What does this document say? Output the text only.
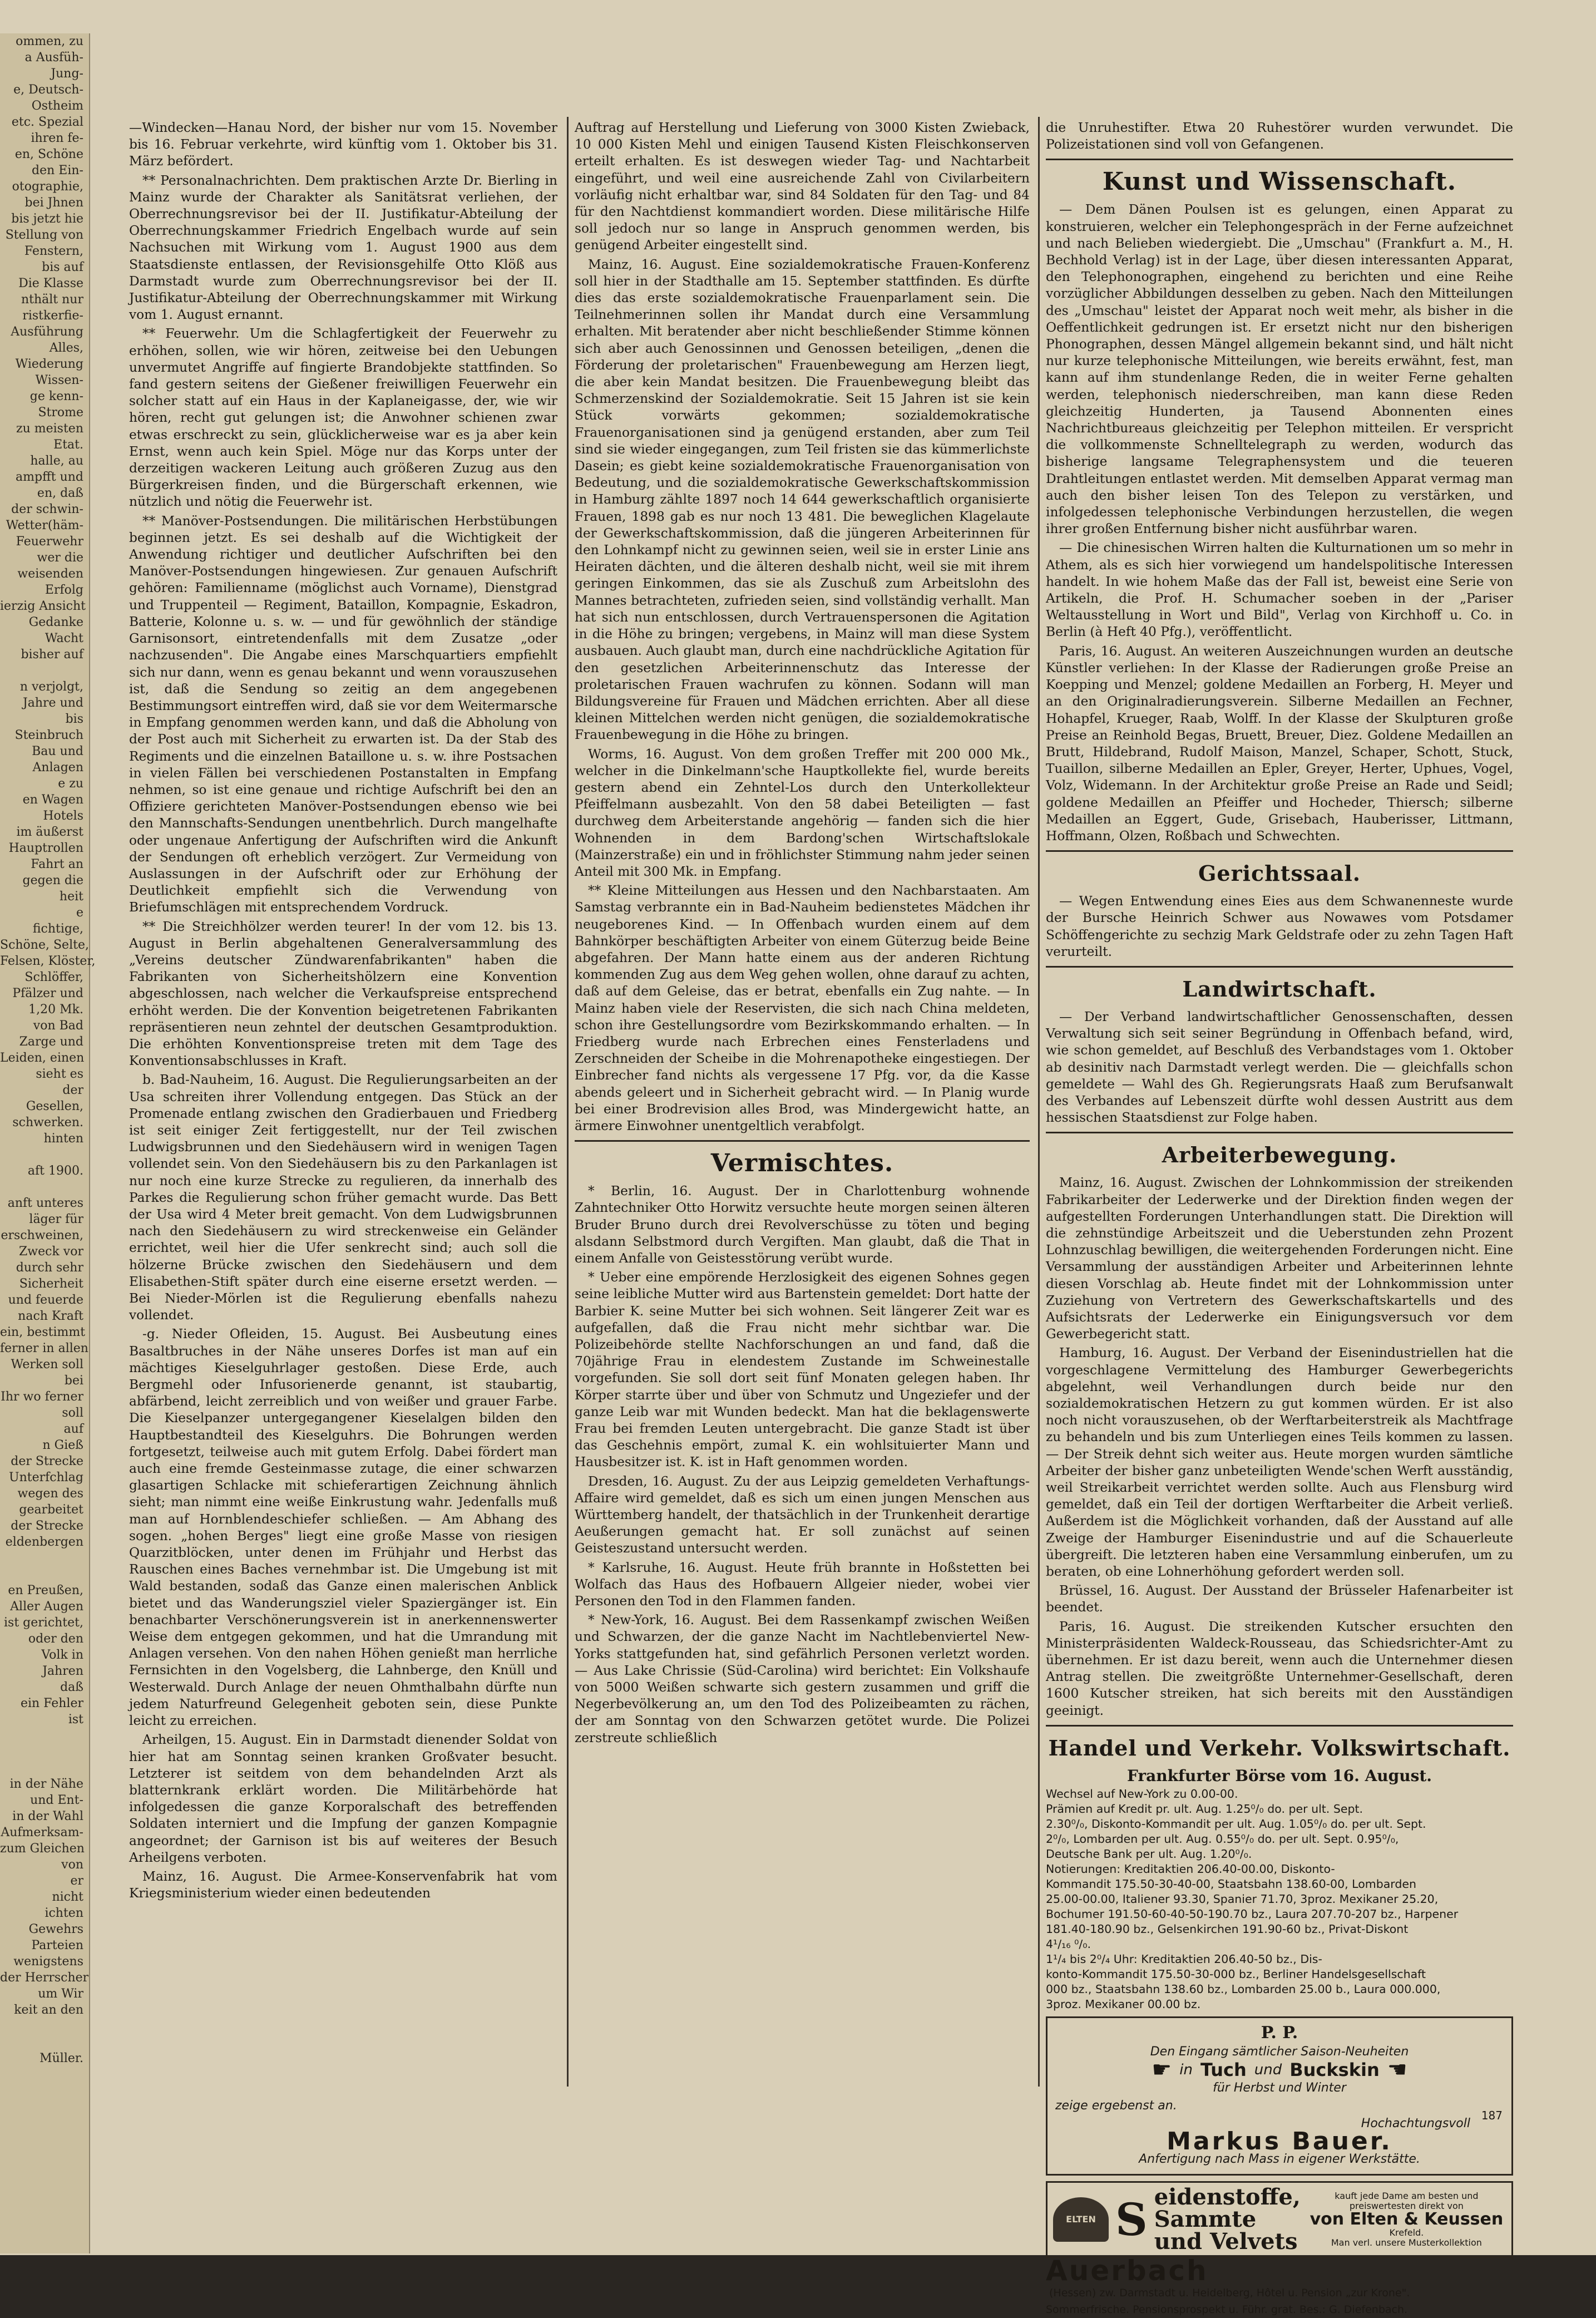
ommen, zu

a Ausfüh-

Jung-

e, Deutsch-

Ostheim

etc. Spezial

ihren fe-

en, Schöne

den Ein-

otographie,

bei Jhnen

bis jetzt hie

Stellung von

Fenstern,

bis auf

Die Klasse

nthält nur

ristkerfie-

Ausführung

Alles,

Wiederung

Wissen-

ge kenn-

Strome

zu meisten

Etat.

halle, au

ampfft und

en, daß

der schwin-

Wetter(häm-

Feuerwehr

wer die

weisenden

Erfolg

ierzig Ansicht

Gedanke

Wacht

bisher auf

n verjolgt,

Jahre und

bis

Steinbruch

Bau und

Anlagen

e zu

en Wagen

Hotels

im äußerst

Hauptrollen

Fahrt an

gegen die

heit

e

fichtige,

Schöne, Selte,

Felsen, Klöster,

Schlöffer,

Pfälzer und

1,20 Mk.

von Bad

Zarge und

Leiden, einen

sieht es

der

Gesellen,

schwerken.

hinten

aft 1900.

anft unteres

läger für

erschweinen,

Zweck vor

durch sehr

Sicherheit

und feuerde

nach Kraft

ein, bestimmt

ferner in allen

Werken soll

bei

Ihr wo ferner

soll

auf

n Gieß

der Strecke

Unterfchlag

wegen des

gearbeitet

der Strecke

eldenbergen

en Preußen,

Aller Augen

ist gerichtet,

oder den

Volk in

Jahren

daß

ein Fehler

ist

in der Nähe

und Ent-

in der Wahl

Aufmerksam-

zum Gleichen

von

er

nicht

ichten

Gewehrs

Parteien

wenigstens

der Herrscher

um Wir

keit an den

Müller.

—Windecken—Hanau Nord, der bisher nur vom 15. November bis 16. Februar verkehrte, wird künftig vom 1. Oktober bis 31. März befördert.

** Personalnachrichten. Dem praktischen Arzte Dr. Bierling in Mainz wurde der Charakter als Sanitätsrat verliehen, der Oberrechnungsrevisor bei der II. Justifikatur-Abteilung der Oberrechnungskammer Friedrich Engelbach wurde auf sein Nachsuchen mit Wirkung vom 1. August 1900 aus dem Staatsdienste entlassen, der Revisionsgehilfe Otto Klöß aus Darmstadt wurde zum Oberrechnungsrevisor bei der II. Justifikatur-Abteilung der Oberrechnungskammer mit Wirkung vom 1. August ernannt.

** Feuerwehr. Um die Schlagfertigkeit der Feuerwehr zu erhöhen, sollen, wie wir hören, zeitweise bei den Uebungen unvermutet Angriffe auf fingierte Brandobjekte stattfinden. So fand gestern seitens der Gießener freiwilligen Feuerwehr ein solcher statt auf ein Haus in der Kaplaneigasse, der, wie wir hören, recht gut gelungen ist; die Anwohner schienen zwar etwas erschreckt zu sein, glücklicherweise war es ja aber kein Ernst, wenn auch kein Spiel. Möge nur das Korps unter der derzeitigen wackeren Leitung auch größeren Zuzug aus den Bürgerkreisen finden, und die Bürgerschaft erkennen, wie nützlich und nötig die Feuerwehr ist.

** Manöver-Postsendungen. Die militärischen Herbstübungen beginnen jetzt. Es sei deshalb auf die Wichtigkeit der Anwendung richtiger und deutlicher Aufschriften bei den Manöver-Postsendungen hingewiesen. Zur genauen Aufschrift gehören: Familienname (möglichst auch Vorname), Dienstgrad und Truppenteil — Regiment, Bataillon, Kompagnie, Eskadron, Batterie, Kolonne u. s. w. — und für gewöhnlich der ständige Garnisonsort, eintretendenfalls mit dem Zusatze „oder nachzusenden". Die Angabe eines Marschquartiers empfiehlt sich nur dann, wenn es genau bekannt und wenn vorauszusehen ist, daß die Sendung so zeitig an dem angegebenen Bestimmungsort eintreffen wird, daß sie vor dem Weitermarsche in Empfang genommen werden kann, und daß die Abholung von der Post auch mit Sicherheit zu erwarten ist. Da der Stab des Regiments und die einzelnen Bataillone u. s. w. ihre Postsachen in vielen Fällen bei verschiedenen Postanstalten in Empfang nehmen, so ist eine genaue und richtige Aufschrift bei den an Offiziere gerichteten Manöver-Postsendungen ebenso wie bei den Mannschafts-Sendungen unentbehrlich. Durch mangelhafte oder ungenaue Anfertigung der Aufschriften wird die Ankunft der Sendungen oft erheblich verzögert. Zur Vermeidung von Auslassungen in der Aufschrift oder zur Erhöhung der Deutlichkeit empfiehlt sich die Verwendung von Briefumschlägen mit entsprechendem Vordruck.

** Die Streichhölzer werden teurer! In der vom 12. bis 13. August in Berlin abgehaltenen Generalversammlung des „Vereins deutscher Zündwarenfabrikanten" haben die Fabrikanten von Sicherheitshölzern eine Konvention abgeschlossen, nach welcher die Verkaufspreise entsprechend erhöht werden. Die der Konvention beigetretenen Fabrikanten repräsentieren neun zehntel der deutschen Gesamtproduktion. Die erhöhten Konventionspreise treten mit dem Tage des Konventionsabschlusses in Kraft.

b. Bad-Nauheim, 16. August. Die Regulierungsarbeiten an der Usa schreiten ihrer Vollendung entgegen. Das Stück an der Promenade entlang zwischen den Gradierbauen und Friedberg ist seit einiger Zeit fertiggestellt, nur der Teil zwischen Ludwigsbrunnen und den Siedehäusern wird in wenigen Tagen vollendet sein. Von den Siedehäusern bis zu den Parkanlagen ist nur noch eine kurze Strecke zu regulieren, da innerhalb des Parkes die Regulierung schon früher gemacht wurde. Das Bett der Usa wird 4 Meter breit gemacht. Von dem Ludwigsbrunnen nach den Siedehäusern zu wird streckenweise ein Geländer errichtet, weil hier die Ufer senkrecht sind; auch soll die hölzerne Brücke zwischen den Siedehäusern und dem Elisabethen-Stift später durch eine eiserne ersetzt werden. — Bei Nieder-Mörlen ist die Regulierung ebenfalls nahezu vollendet.

-g. Nieder Ofleiden, 15. August. Bei Ausbeutung eines Basaltbruches in der Nähe unseres Dorfes ist man auf ein mächtiges Kieselguhrlager gestoßen. Diese Erde, auch Bergmehl oder Infusorienerde genannt, ist staubartig, abfärbend, leicht zerreiblich und von weißer und grauer Farbe. Die Kieselpanzer untergegangener Kieselalgen bilden den Hauptbestandteil des Kieselguhrs. Die Bohrungen werden fortgesetzt, teilweise auch mit gutem Erfolg. Dabei fördert man auch eine fremde Gesteinmasse zutage, die einer schwarzen glasartigen Schlacke mit schieferartigen Zeichnung ähnlich sieht; man nimmt eine weiße Einkrustung wahr. Jedenfalls muß man auf Hornblendeschiefer schließen. — Am Abhang des sogen. „hohen Berges" liegt eine große Masse von riesigen Quarzitblöcken, unter denen im Frühjahr und Herbst das Rauschen eines Baches vernehmbar ist. Die Umgebung ist mit Wald bestanden, sodaß das Ganze einen malerischen Anblick bietet und das Wanderungsziel vieler Spaziergänger ist. Ein benachbarter Verschönerungsverein ist in anerkennenswerter Weise dem entgegen gekommen, und hat die Umrandung mit Anlagen versehen. Von den nahen Höhen genießt man herrliche Fernsichten in den Vogelsberg, die Lahnberge, den Knüll und Westerwald. Durch Anlage der neuen Ohmthalbahn dürfte nun jedem Naturfreund Gelegenheit geboten sein, diese Punkte leicht zu erreichen.

Arheilgen, 15. August. Ein in Darmstadt dienender Soldat von hier hat am Sonntag seinen kranken Großvater besucht. Letzterer ist seitdem von dem behandelnden Arzt als blatternkrank erklärt worden. Die Militärbehörde hat infolgedessen die ganze Korporalschaft des betreffenden Soldaten interniert und die Impfung der ganzen Kompagnie angeordnet; der Garnison ist bis auf weiteres der Besuch Arheilgens verboten.

Mainz, 16. August. Die Armee-Konservenfabrik hat vom Kriegsministerium wieder einen bedeutenden

Auftrag auf Herstellung und Lieferung von 3000 Kisten Zwieback, 10 000 Kisten Mehl und einigen Tausend Kisten Fleischkonserven erteilt erhalten. Es ist deswegen wieder Tag- und Nachtarbeit eingeführt, und weil eine ausreichende Zahl von Civilarbeitern vorläufig nicht erhaltbar war, sind 84 Soldaten für den Tag- und 84 für den Nachtdienst kommandiert worden. Diese militärische Hilfe soll jedoch nur so lange in Anspruch genommen werden, bis genügend Arbeiter eingestellt sind.

Mainz, 16. August. Eine sozialdemokratische Frauen-Konferenz soll hier in der Stadthalle am 15. September stattfinden. Es dürfte dies das erste sozialdemokratische Frauenparlament sein. Die Teilnehmerinnen sollen ihr Mandat durch eine Versammlung erhalten. Mit beratender aber nicht beschließender Stimme können sich aber auch Genossinnen und Genossen beteiligen, „denen die Förderung der proletarischen" Frauenbewegung am Herzen liegt, die aber kein Mandat besitzen. Die Frauenbewegung bleibt das Schmerzenskind der Sozialdemokratie. Seit 15 Jahren ist sie kein Stück vorwärts gekommen; sozialdemokratische Frauenorganisationen sind ja genügend erstanden, aber zum Teil sind sie wieder eingegangen, zum Teil fristen sie das kümmerlichste Dasein; es giebt keine sozialdemokratische Frauenorganisation von Bedeutung, und die sozialdemokratische Gewerkschaftskommission in Hamburg zählte 1897 noch 14 644 gewerkschaftlich organisierte Frauen, 1898 gab es nur noch 13 481. Die beweglichen Klagelaute der Gewerkschaftskommission, daß die jüngeren Arbeiterinnen für den Lohnkampf nicht zu gewinnen seien, weil sie in erster Linie ans Heiraten dächten, und die älteren deshalb nicht, weil sie mit ihrem geringen Einkommen, das sie als Zuschuß zum Arbeitslohn des Mannes betrachteten, zufrieden seien, sind vollständig verhallt. Man hat sich nun entschlossen, durch Vertrauenspersonen die Agitation in die Höhe zu bringen; vergebens, in Mainz will man diese System ausbauen. Auch glaubt man, durch eine nachdrückliche Agitation für den gesetzlichen Arbeiterinnenschutz das Interesse der proletarischen Frauen wachrufen zu können. Sodann will man Bildungsvereine für Frauen und Mädchen errichten. Aber all diese kleinen Mittelchen werden nicht genügen, die sozialdemokratische Frauenbewegung in die Höhe zu bringen.

Worms, 16. August. Von dem großen Treffer mit 200 000 Mk., welcher in die Dinkelmann'sche Hauptkollekte fiel, wurde bereits gestern abend ein Zehntel-Los durch den Unterkollekteur Pfeiffelmann ausbezahlt. Von den 58 dabei Beteiligten — fast durchweg dem Arbeiterstande angehörig — fanden sich die hier Wohnenden in dem Bardong'schen Wirtschaftslokale (Mainzerstraße) ein und in fröhlichster Stimmung nahm jeder seinen Anteil mit 300 Mk. in Empfang.

** Kleine Mitteilungen aus Hessen und den Nachbarstaaten. Am Samstag verbrannte ein in Bad-Nauheim bedienstetes Mädchen ihr neugeborenes Kind. — In Offenbach wurden einem auf dem Bahnkörper beschäftigten Arbeiter von einem Güterzug beide Beine abgefahren. Der Mann hatte einem aus der anderen Richtung kommenden Zug aus dem Weg gehen wollen, ohne darauf zu achten, daß auf dem Geleise, das er betrat, ebenfalls ein Zug nahte. — In Mainz haben viele der Reservisten, die sich nach China meldeten, schon ihre Gestellungsordre vom Bezirkskommando erhalten. — In Friedberg wurde nach Erbrechen eines Fensterladens und Zerschneiden der Scheibe in die Mohrenapotheke eingestiegen. Der Einbrecher fand nichts als vergessene 17 Pfg. vor, da die Kasse abends geleert und in Sicherheit gebracht wird. — In Planig wurde bei einer Brodrevision alles Brod, was Mindergewicht hatte, an ärmere Einwohner unentgeltlich verabfolgt.

Vermischtes.

* Berlin, 16. August. Der in Charlottenburg wohnende Zahntechniker Otto Horwitz versuchte heute morgen seinen älteren Bruder Bruno durch drei Revolverschüsse zu töten und beging alsdann Selbstmord durch Vergiften. Man glaubt, daß die That in einem Anfalle von Geistesstörung verübt wurde.

* Ueber eine empörende Herzlosigkeit des eigenen Sohnes gegen seine leibliche Mutter wird aus Bartenstein gemeldet: Dort hatte der Barbier K. seine Mutter bei sich wohnen. Seit längerer Zeit war es aufgefallen, daß die Frau nicht mehr sichtbar war. Die Polizeibehörde stellte Nachforschungen an und fand, daß die 70jährige Frau in elendestem Zustande im Schweinestalle vorgefunden. Sie soll dort seit fünf Monaten gelegen haben. Ihr Körper starrte über und über von Schmutz und Ungeziefer und der ganze Leib war mit Wunden bedeckt. Man hat die beklagenswerte Frau bei fremden Leuten untergebracht. Die ganze Stadt ist über das Geschehnis empört, zumal K. ein wohlsituierter Mann und Hausbesitzer ist. K. ist in Haft genommen worden.

Dresden, 16. August. Zu der aus Leipzig gemeldeten Verhaftungs-Affaire wird gemeldet, daß es sich um einen jungen Menschen aus Württemberg handelt, der thatsächlich in der Trunkenheit derartige Aeußerungen gemacht hat. Er soll zunächst auf seinen Geisteszustand untersucht werden.

* Karlsruhe, 16. August. Heute früh brannte in Hoßstetten bei Wolfach das Haus des Hofbauern Allgeier nieder, wobei vier Personen den Tod in den Flammen fanden.

* New-York, 16. August. Bei dem Rassenkampf zwischen Weißen und Schwarzen, der die ganze Nacht im Nachtlebenviertel New-Yorks stattgefunden hat, sind gefährlich Personen verletzt worden. — Aus Lake Chrissie (Süd-Carolina) wird berichtet: Ein Volkshaufe von 5000 Weißen schwarte sich gestern zusammen und griff die Negerbevölkerung an, um den Tod des Polizeibeamten zu rächen, der am Sonntag von den Schwarzen getötet wurde. Die Polizei zerstreute schließlich

die Unruhestifter. Etwa 20 Ruhestörer wurden verwundet. Die Polizeistationen sind voll von Gefangenen.

Kunst und Wissenschaft.

— Dem Dänen Poulsen ist es gelungen, einen Apparat zu konstruieren, welcher ein Telephongespräch in der Ferne aufzeichnet und nach Belieben wiedergiebt. Die „Umschau" (Frankfurt a. M., H. Bechhold Verlag) ist in der Lage, über diesen interessanten Apparat, den Telephonographen, eingehend zu berichten und eine Reihe vorzüglicher Abbildungen desselben zu geben. Nach den Mitteilungen des „Umschau" leistet der Apparat noch weit mehr, als bisher in die Oeffentlichkeit gedrungen ist. Er ersetzt nicht nur den bisherigen Phonographen, dessen Mängel allgemein bekannt sind, und hält nicht nur kurze telephonische Mitteilungen, wie bereits erwähnt, fest, man kann auf ihm stundenlange Reden, die in weiter Ferne gehalten werden, telephonisch niederschreiben, man kann diese Reden gleichzeitig Hunderten, ja Tausend Abonnenten eines Nachrichtbureaus gleichzeitig per Telephon mitteilen. Er verspricht die vollkommenste Schnelltelegraph zu werden, wodurch das bisherige langsame Telegraphensystem und die teueren Drahtleitungen entlastet werden. Mit demselben Apparat vermag man auch den bisher leisen Ton des Telepon zu verstärken, und infolgedessen telephonische Verbindungen herzustellen, die wegen ihrer großen Entfernung bisher nicht ausführbar waren.

— Die chinesischen Wirren halten die Kulturnationen um so mehr in Athem, als es sich hier vorwiegend um handelspolitische Interessen handelt. In wie hohem Maße das der Fall ist, beweist eine Serie von Artikeln, die Prof. H. Schumacher soeben in der „Pariser Weltausstellung in Wort und Bild", Verlag von Kirchhoff u. Co. in Berlin (à Heft 40 Pfg.), veröffentlicht.

Paris, 16. August. An weiteren Auszeichnungen wurden an deutsche Künstler verliehen: In der Klasse der Radierungen große Preise an Koepping und Menzel; goldene Medaillen an Forberg, H. Meyer und an den Originalradierungsverein. Silberne Medaillen an Fechner, Hohapfel, Krueger, Raab, Wolff. In der Klasse der Skulpturen große Preise an Reinhold Begas, Bruett, Breuer, Diez. Goldene Medaillen an Brutt, Hildebrand, Rudolf Maison, Manzel, Schaper, Schott, Stuck, Tuaillon, silberne Medaillen an Epler, Greyer, Herter, Uphues, Vogel, Volz, Widemann. In der Architektur große Preise an Rade und Seidl; goldene Medaillen an Pfeiffer und Hocheder, Thiersch; silberne Medaillen an Eggert, Gude, Grisebach, Hauberisser, Littmann, Hoffmann, Olzen, Roßbach und Schwechten.

Gerichtssaal.

— Wegen Entwendung eines Eies aus dem Schwanenneste wurde der Bursche Heinrich Schwer aus Nowawes vom Potsdamer Schöffengerichte zu sechzig Mark Geldstrafe oder zu zehn Tagen Haft verurteilt.

Landwirtschaft.

— Der Verband landwirtschaftlicher Genossenschaften, dessen Verwaltung sich seit seiner Begründung in Offenbach befand, wird, wie schon gemeldet, auf Beschluß des Verbandstages vom 1. Oktober ab desinitiv nach Darmstadt verlegt werden. Die — gleichfalls schon gemeldete — Wahl des Gh. Regierungsrats Haaß zum Berufsanwalt des Verbandes auf Lebenszeit dürfte wohl dessen Austritt aus dem hessischen Staatsdienst zur Folge haben.

Arbeiterbewegung.

Mainz, 16. August. Zwischen der Lohnkommission der streikenden Fabrikarbeiter der Lederwerke und der Direktion finden wegen der aufgestellten Forderungen Unterhandlungen statt. Die Direktion will die zehnstündige Arbeitszeit und die Ueberstunden zehn Prozent Lohnzuschlag bewilligen, die weitergehenden Forderungen nicht. Eine Versammlung der ausständigen Arbeiter und Arbeiterinnen lehnte diesen Vorschlag ab. Heute findet mit der Lohnkommission unter Zuziehung von Vertretern des Gewerkschaftskartells und des Aufsichtsrats der Lederwerke ein Einigungsversuch vor dem Gewerbegericht statt.

Hamburg, 16. August. Der Verband der Eisenindustriellen hat die vorgeschlagene Vermittelung des Hamburger Gewerbegerichts abgelehnt, weil Verhandlungen durch beide nur den sozialdemokratischen Hetzern zu gut kommen würden. Er ist also noch nicht vorauszusehen, ob der Werftarbeiterstreik als Machtfrage zu behandeln und bis zum Unterliegen eines Teils kommen zu lassen. — Der Streik dehnt sich weiter aus. Heute morgen wurden sämtliche Arbeiter der bisher ganz unbeteiligten Wende'schen Werft ausständig, weil Streikarbeit verrichtet werden sollte. Auch aus Flensburg wird gemeldet, daß ein Teil der dortigen Werftarbeiter die Arbeit verließ. Außerdem ist die Möglichkeit vorhanden, daß der Ausstand auf alle Zweige der Hamburger Eisenindustrie und auf die Schauerleute übergreift. Die letzteren haben eine Versammlung einberufen, um zu beraten, ob eine Lohnerhöhung gefordert werden soll.

Brüssel, 16. August. Der Ausstand der Brüsseler Hafenarbeiter ist beendet.

Paris, 16. August. Die streikenden Kutscher ersuchten den Ministerpräsidenten Waldeck-Rousseau, das Schiedsrichter-Amt zu übernehmen. Er ist dazu bereit, wenn auch die Unternehmer diesen Antrag stellen. Die zweitgrößte Unternehmer-Gesellschaft, deren 1600 Kutscher streiken, hat sich bereits mit den Ausständigen geeinigt.

Handel und Verkehr. Volkswirtschaft.
Frankfurter Börse vom 16. August.

Wechsel auf New-York zu 0.00-00.

Prämien auf Kredit pr. ult. Aug. 1.25⁰/₀ do. per ult. Sept.

2.30⁰/₀, Diskonto-Kommandit per ult. Aug. 1.05⁰/₀ do. per ult. Sept.

2⁰/₀, Lombarden per ult. Aug. 0.55⁰/₀ do. per ult. Sept. 0.95⁰/₀,

Deutsche Bank per ult. Aug. 1.20⁰/₀.

Notierungen: Kreditaktien 206.40-00.00, Diskonto-

Kommandit 175.50-30-40-00, Staatsbahn 138.60-00, Lombarden

25.00-00.00, Italiener 93.30, Spanier 71.70, 3proz. Mexikaner 25.20,

Bochumer 191.50-60-40-50-190.70 bz., Laura 207.70-207 bz., Harpener

181.40-180.90 bz., Gelsenkirchen 191.90-60 bz., Privat-Diskont

4¹/₁₆ ⁰/₀.

1¹/₄ bis 2⁰/₄ Uhr: Kreditaktien 206.40-50 bz., Dis-

konto-Kommandit 175.50-30-000 bz., Berliner Handelsgesellschaft

000 bz., Staatsbahn 138.60 bz., Lombarden 25.00 b., Laura 000.000,

3proz. Mexikaner 00.00 bz.

P. P.
Den Eingang sämtlicher Saison-Neuheiten
☛ in Tuch und Buckskin ☚
für Herbst und Winter
187
zeige ergebenst an.
Hochachtungsvoll
Markus Bauer.
Anfertigung nach Mass in eigener Werkstätte.
ELTEN S eidenstoffe,
Sammte
und Velvets
kauft jede Dame am besten und preiswertesten direkt von
von Elten & Keussen
Krefeld.
Man verl. unsere Musterkollektion
Auerbach (Hessen) zw. Darmstadt u. Heidelberg, Hôtel u. Pension „zur Krone".
Sommerfrische. Pensionsprospekt u. Führ. grat. Bes.: G. Diefenbach.
